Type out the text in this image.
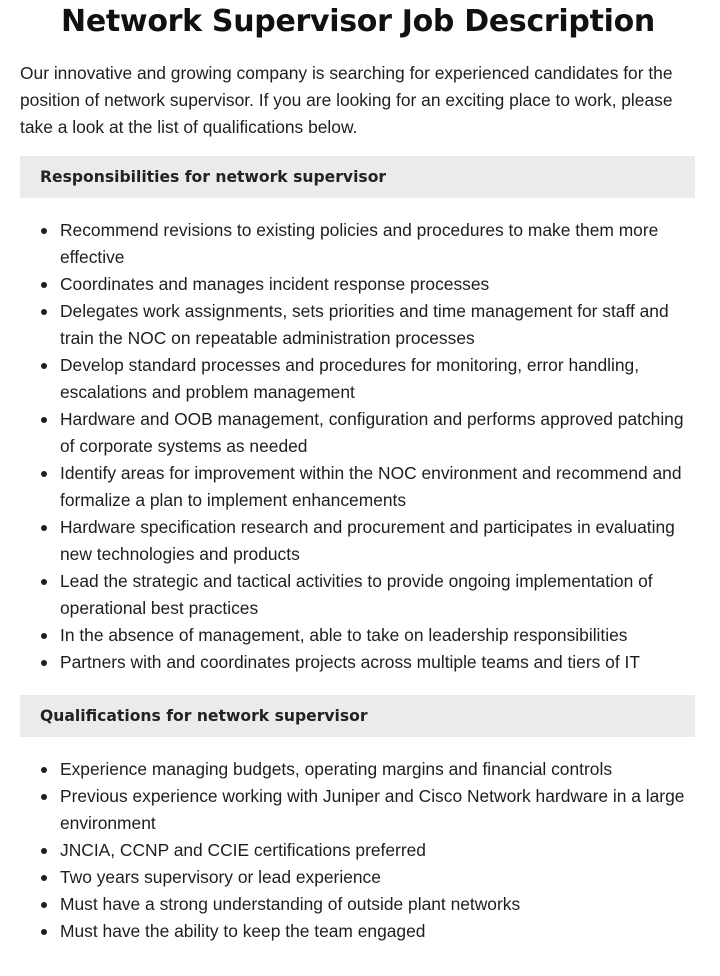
Network Supervisor Job Description

Our innovative and growing company is searching for experienced candidates for the position of network supervisor. If you are looking for an exciting place to work, please take a look at the list of qualifications below.

Responsibilities for network supervisor
Recommend revisions to existing policies and procedures to make them more effective
Coordinates and manages incident response processes
Delegates work assignments, sets priorities and time management for staff and train the NOC on repeatable administration processes
Develop standard processes and procedures for monitoring, error handling, escalations and problem management
Hardware and OOB management, configuration and performs approved patching of corporate systems as needed
Identify areas for improvement within the NOC environment and recommend and formalize a plan to implement enhancements
Hardware specification research and procurement and participates in evaluating new technologies and products
Lead the strategic and tactical activities to provide ongoing implementation of operational best practices
In the absence of management, able to take on leadership responsibilities
Partners with and coordinates projects across multiple teams and tiers of IT
Qualifications for network supervisor
Experience managing budgets, operating margins and financial controls
Previous experience working with Juniper and Cisco Network hardware in a large environment
JNCIA, CCNP and CCIE certifications preferred
Two years supervisory or lead experience
Must have a strong understanding of outside plant networks
Must have the ability to keep the team engaged
